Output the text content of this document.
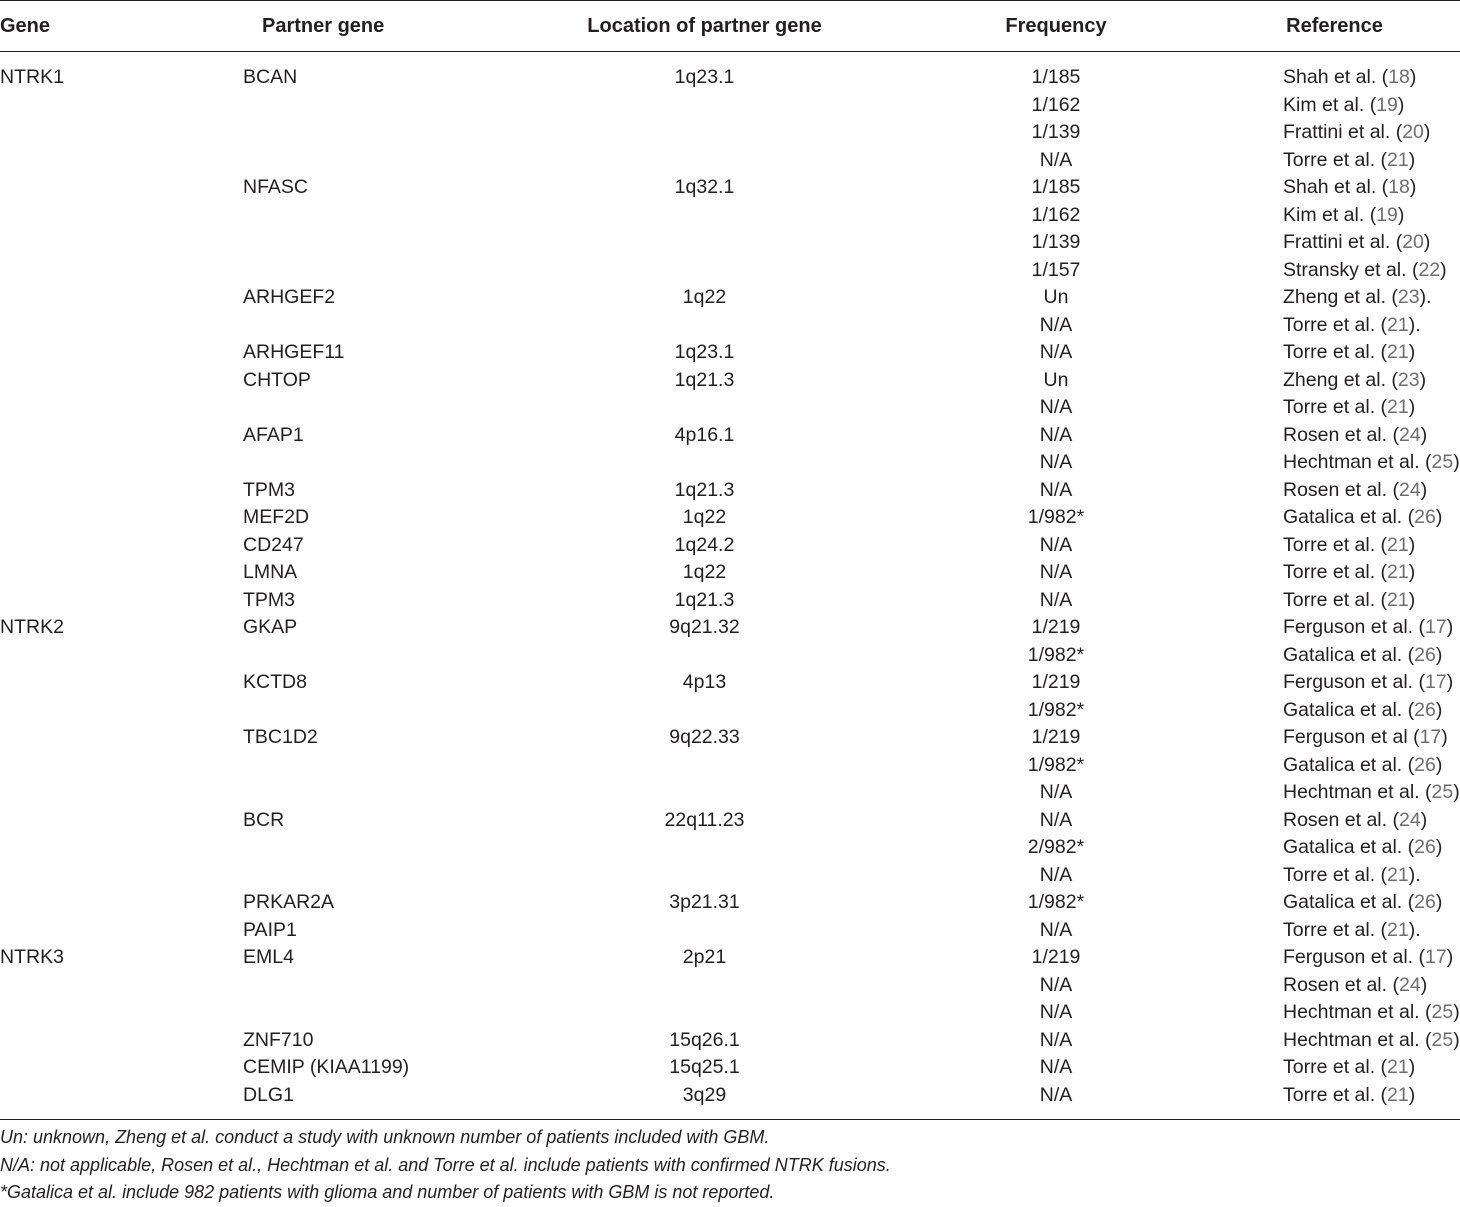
Gene	Partner gene	Location of partner gene	Frequency	Reference
NTRK1	BCAN	1q23.1	1/185	Shah et al. (18)
			1/162	Kim et al. (19)
			1/139	Frattini et al. (20)
			N/A	Torre et al. (21)
	NFASC	1q32.1	1/185	Shah et al. (18)
			1/162	Kim et al. (19)
			1/139	Frattini et al. (20)
			1/157	Stransky et al. (22)
	ARHGEF2	1q22	Un	Zheng et al. (23).
			N/A	Torre et al. (21).
	ARHGEF11	1q23.1	N/A	Torre et al. (21)
	CHTOP	1q21.3	Un	Zheng et al. (23)
			N/A	Torre et al. (21)
	AFAP1	4p16.1	N/A	Rosen et al. (24)
			N/A	Hechtman et al. (25)
	TPM3	1q21.3	N/A	Rosen et al. (24)
	MEF2D	1q22	1/982*	Gatalica et al. (26)
	CD247	1q24.2	N/A	Torre et al. (21)
	LMNA	1q22	N/A	Torre et al. (21)
	TPM3	1q21.3	N/A	Torre et al. (21)
NTRK2	GKAP	9q21.32	1/219	Ferguson et al. (17)
			1/982*	Gatalica et al. (26)
	KCTD8	4p13	1/219	Ferguson et al. (17)
			1/982*	Gatalica et al. (26)
	TBC1D2	9q22.33	1/219	Ferguson et al (17)
			1/982*	Gatalica et al. (26)
			N/A	Hechtman et al. (25)
	BCR	22q11.23	N/A	Rosen et al. (24)
			2/982*	Gatalica et al. (26)
			N/A	Torre et al. (21).
	PRKAR2A	3p21.31	1/982*	Gatalica et al. (26)
	PAIP1		N/A	Torre et al. (21).
NTRK3	EML4	2p21	1/219	Ferguson et al. (17)
			N/A	Rosen et al. (24)
			N/A	Hechtman et al. (25)
	ZNF710	15q26.1	N/A	Hechtman et al. (25)
	CEMIP (KIAA1199)	15q25.1	N/A	Torre et al. (21)
	DLG1	3q29	N/A	Torre et al. (21)

Un: unknown, Zheng et al. conduct a study with unknown number of patients included with GBM.
N/A: not applicable, Rosen et al., Hechtman et al. and Torre et al. include patients with confirmed NTRK fusions.
*Gatalica et al. include 982 patients with glioma and number of patients with GBM is not reported.
